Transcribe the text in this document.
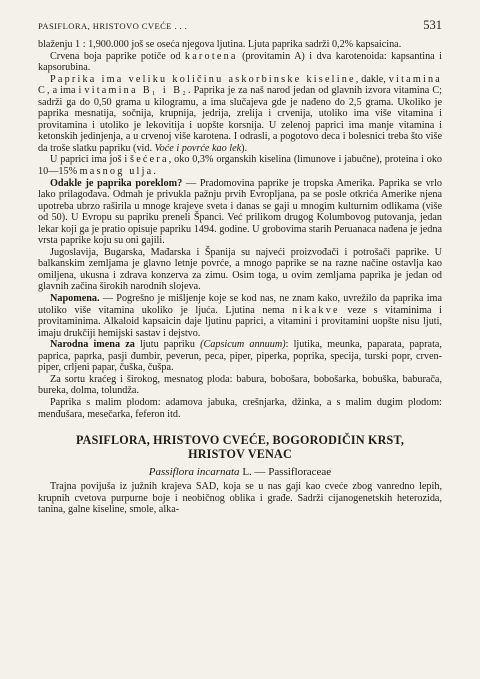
PASIFLORA, HRISTOVO CVEĆE . . .	531

blaženju 1 : 1,900.000 još se oseća njegova ljutina. Ljuta paprika sadrži 0,2% kapsaicina.

Crvena boja paprike potiče od karotena (provitamin A) i dva karotenoida: kapsantina i kapsorubina.

Paprika ima veliku količinu askorbinske kiseline, dakle, vitamina C, a ima i vitamina B₁ i B₂. Paprika je za naš narod jedan od glavnih izvora vitamina C; sadrži ga do 0,50 grama u kilogramu, a ima slučajeva gde je nađeno do 2,5 grama. Ukoliko je paprika mesnatija, sočnija, krupnija, jedrija, zrelija i crvenija, utoliko ima više vitamina i provitamina i utoliko je lekovitija i uopšte korsnija. U zelenoj paprici ima manje vitamina i ketonskih jedinjenja, a u crvenoj više karotena. I odrasli, a pogotovo deca i bolesnici treba što više da troše slatku papriku (vid. Voće i povrće kao lek).

U paprici ima još i šećera, oko 0,3% organskih kiselina (limunove i jabučne), proteina i oko 10—15% masnog ulja.

Odakle je paprika poreklom? — Pradomovina paprike je tropska Amerika. Paprika se vrlo lako prilagođava. Odmah je privukla pažnju prvih Evropljana, pa se posle otkrića Amerike njena upotreba ubrzo raširila u mnoge krajeve sveta i danas se gaji u mnogim kulturnim odlikama (više od 50). U Evropu su papriku preneli Španci. Već prilikom drugog Kolumbovog putovanja, jedan lekar koji ga je pratio opisuje papriku 1494. godine. U grobovima starih Peruanaca nađena je jedna vrsta paprike koju su oni gajili.

Jugoslavija, Bugarska, Mađarska i Španija su najveći proizvođači i potrošači paprike. U balkanskim zemljama je glavno letnje povrće, a mnogo paprike se na razne načine ostavlja kao omiljena, ukusna i zdrava konzerva za zimu. Osim toga, u ovim zemljama paprika je jedan od glavnih začina širokih narodnih slojeva.

Napomena. — Pogrešno je mišljenje koje se kod nas, ne znam kako, uvrežilo da paprika ima utoliko više vitamina ukoliko je ljuća. Ljutina nema nikakve veze s vitaminima i provitaminima. Alkaloid kapsaicin daje ljutinu paprici, a vitamini i provitamini uopšte nisu ljuti, imaju drukčiji hemijski sastav i dejstvo.

Narodna imena za ljutu papriku (Capsicum annuum): ljutika, meunka, paparata, paprata, paprica, paprka, pasji đumbir, peverun, peca, piper, piperka, poprika, specija, turski popr, crven-piper, crljeni papar, čuška, čušpa.

Za sortu kraćeg i širokog, mesnatog ploda: babura, bobošara, bobošarka, bobuška, baburača, bureka, dolma, tolundža.

Paprika s malim plodom: adamova jabuka, crešnjarka, džinka, a s malim dugim plodom: menđušara, mesečarka, feferon itd.

PASIFLORA, HRISTOVO CVEĆE, BOGORODIČIN KRST,
HRISTOV VENAC
Passiflora incarnata L. — Passifloraceae

Trajna povijuša iz južnih krajeva SAD, koja se u nas gaji kao cveće zbog vanredno lepih, krupnih cvetova purpurne boje i neobičnog oblika i građe. Sadrži cijanogenetskih heterozida, tanina, galne kiseline, smole, alka-
